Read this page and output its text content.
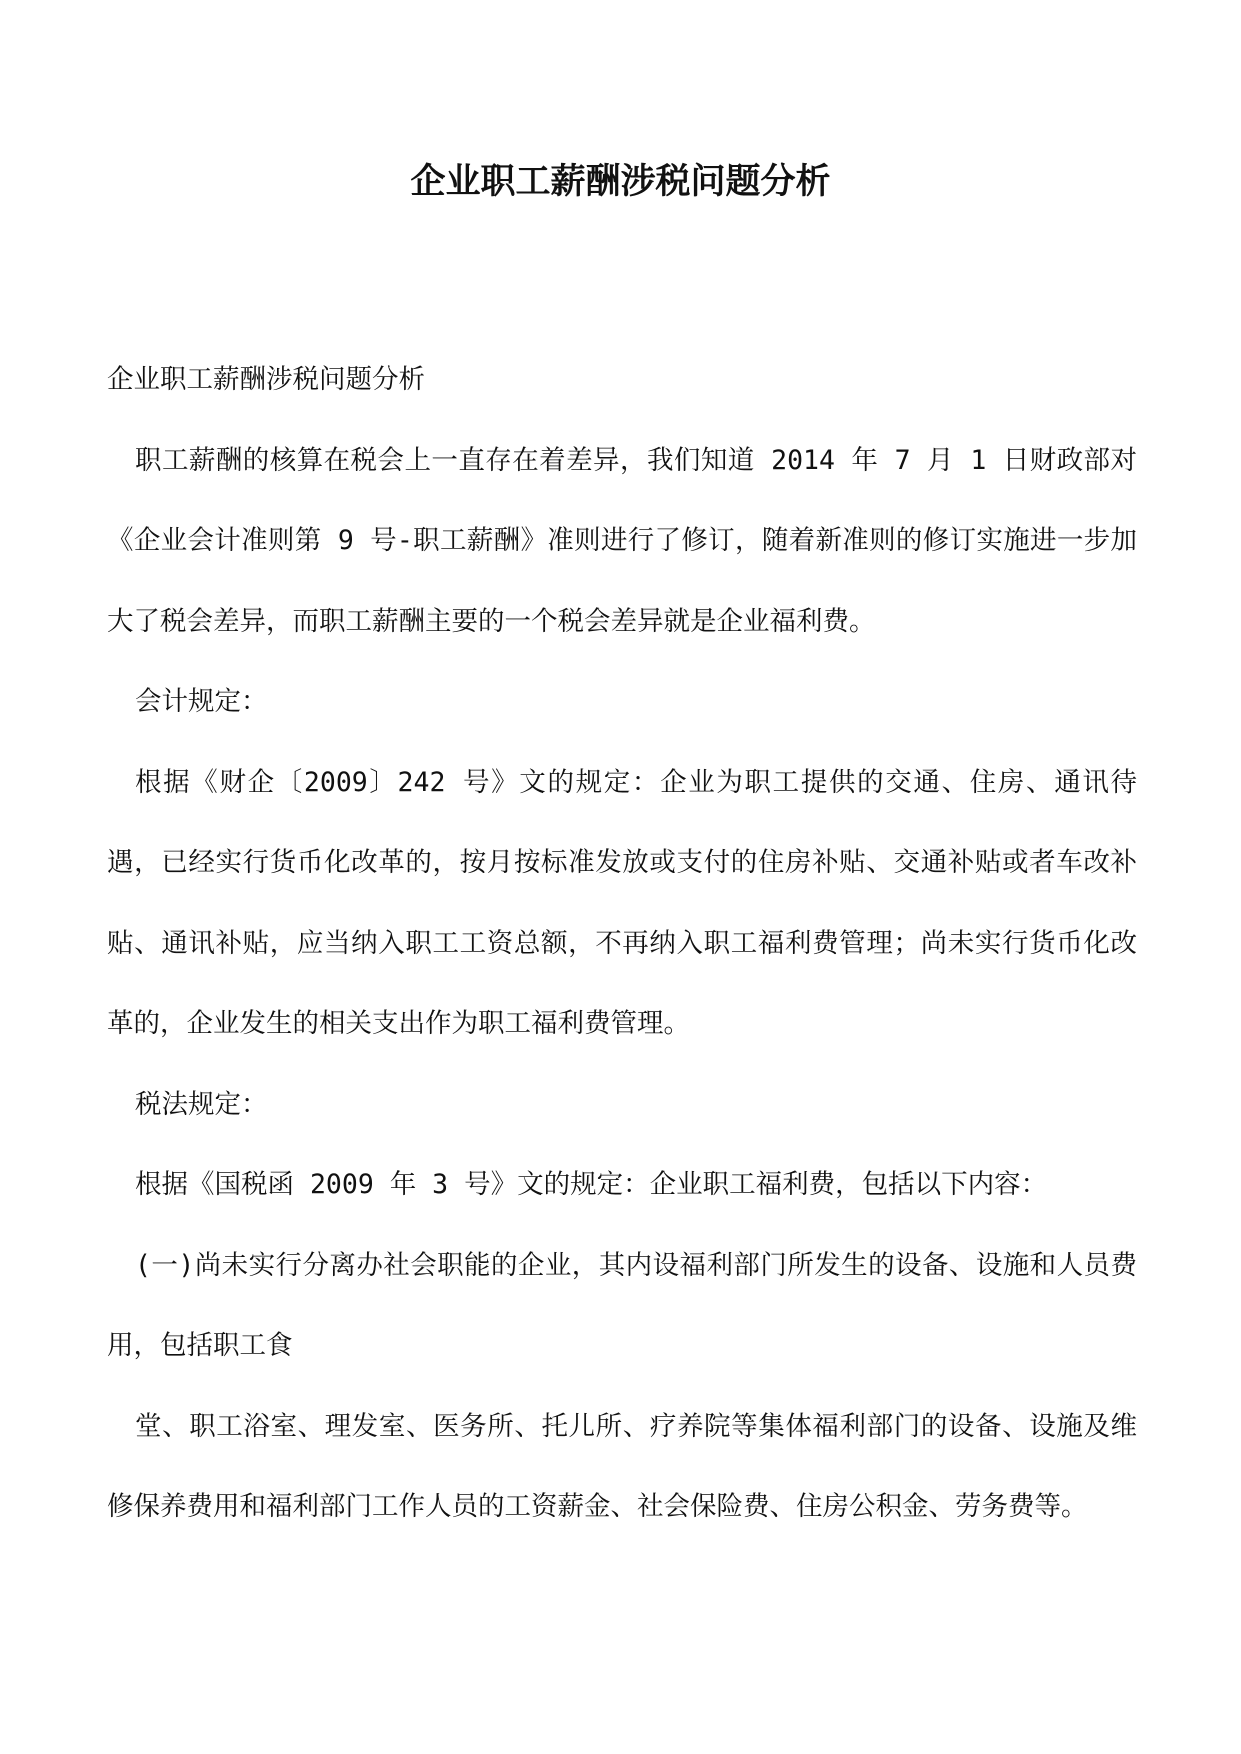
企业职工薪酬涉税问题分析

企业职工薪酬涉税问题分析

职工薪酬的核算在税会上一直存在着差异，我们知道 2014 年 7 月 1 日财政部对《企业会计准则第 9 号-职工薪酬》准则进行了修订，随着新准则的修订实施进一步加大了税会差异，而职工薪酬主要的一个税会差异就是企业福利费。

会计规定：

根据《财企〔2009〕242 号》文的规定：企业为职工提供的交通、住房、通讯待遇，已经实行货币化改革的，按月按标准发放或支付的住房补贴、交通补贴或者车改补贴、通讯补贴，应当纳入职工工资总额，不再纳入职工福利费管理；尚未实行货币化改革的，企业发生的相关支出作为职工福利费管理。

税法规定：

根据《国税函 2009 年 3 号》文的规定：企业职工福利费，包括以下内容：

(一)尚未实行分离办社会职能的企业，其内设福利部门所发生的设备、设施和人员费用，包括职工食

堂、职工浴室、理发室、医务所、托儿所、疗养院等集体福利部门的设备、设施及维修保养费用和福利部门工作人员的工资薪金、社会保险费、住房公积金、劳务费等。
